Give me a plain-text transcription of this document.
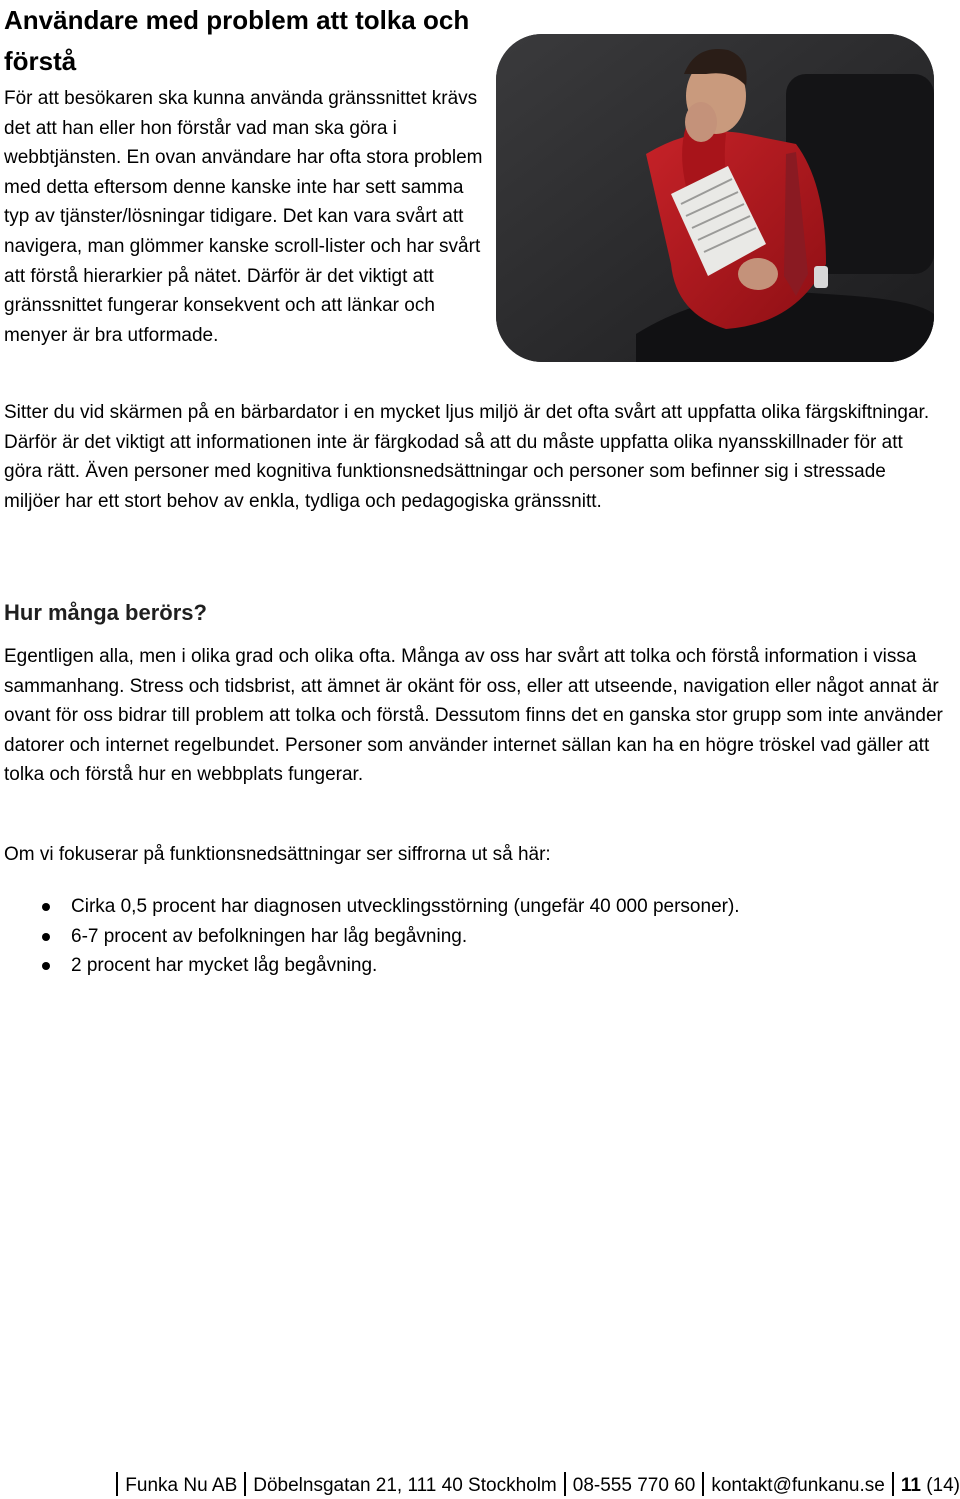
Användare med problem att tolka och förstå

För att besökaren ska kunna använda gränssnittet krävs det att han eller hon förstår vad man ska göra i webbtjänsten. En ovan användare har ofta stora problem med detta eftersom denne kanske inte har sett samma typ av tjänster/lösningar tidigare. Det kan vara svårt att navigera, man glömmer kanske scroll-lister och har svårt att förstå hierarkier på nätet. Därför är det viktigt att gränssnittet fungerar konsekvent och att länkar och menyer är bra utformade.

Sitter du vid skärmen på en bärbardator i en mycket ljus miljö är det ofta svårt att uppfatta olika färgskiftningar. Därför är det viktigt att informationen inte är färgkodad så att du måste uppfatta olika nyansskillnader för att göra rätt. Även personer med kognitiva funktionsnedsättningar och personer som befinner sig i stressade miljöer har ett stort behov av enkla, tydliga och pedagogiska gränssnitt.

Hur många berörs?

Egentligen alla, men i olika grad och olika ofta. Många av oss har svårt att tolka och förstå information i vissa sammanhang. Stress och tidsbrist, att ämnet är okänt för oss, eller att utseende, navigation eller något annat är ovant för oss bidrar till problem att tolka och förstå. Dessutom finns det en ganska stor grupp som inte använder datorer och internet regelbundet. Personer som använder internet sällan kan ha en högre tröskel vad gäller att tolka och förstå hur en webbplats fungerar.

Om vi fokuserar på funktionsnedsättningar ser siffrorna ut så här:

Cirka 0,5 procent har diagnosen utvecklingsstörning (ungefär 40 000 personer).
6-7 procent av befolkningen har låg begåvning.
2 procent har mycket låg begåvning.
Funka Nu AB Döbelnsgatan 21, 111 40 Stockholm 08-555 770 60 kontakt@funkanu.se 11 (14)
